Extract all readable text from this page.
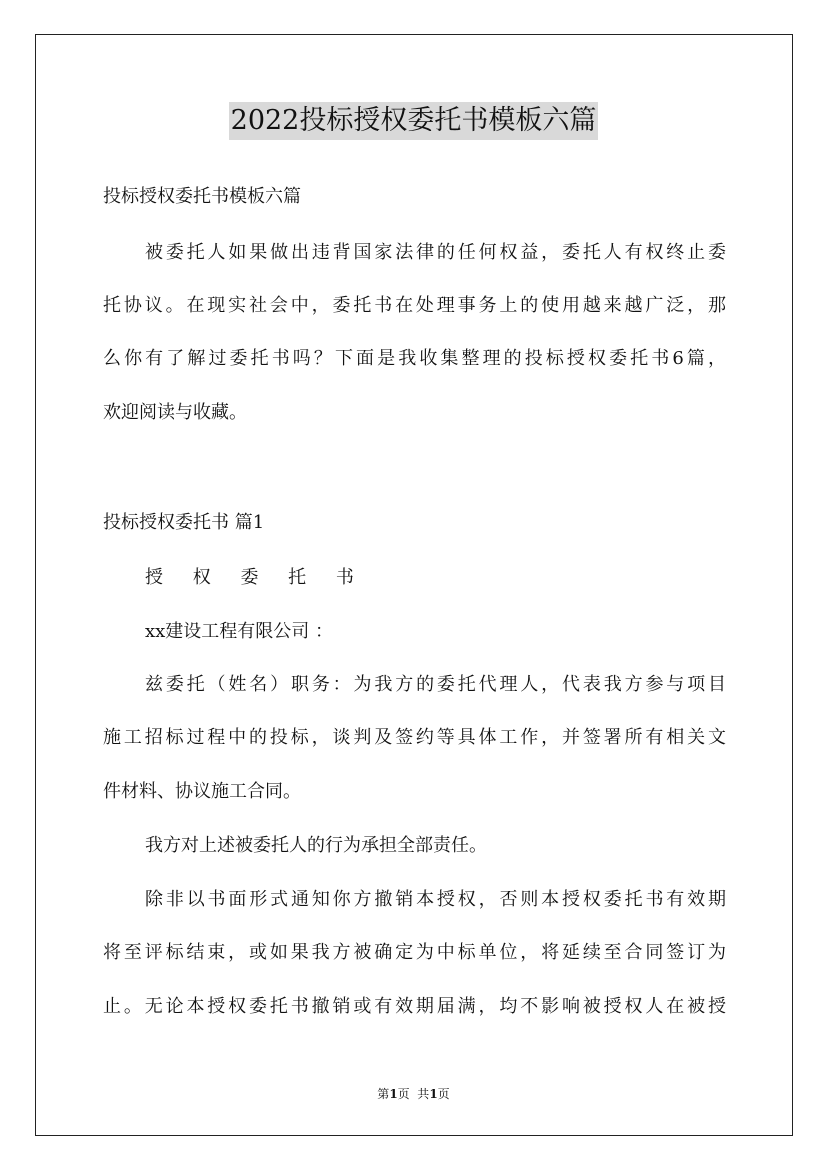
2022投标授权委托书模板六篇
投标授权委托书模板六篇
被委托人如果做出违背国家法律的任何权益，委托人有权终止委
托协议。在现实社会中，委托书在处理事务上的使用越来越广泛，那
么你有了解过委托书吗？下面是我收集整理的投标授权委托书6篇，
欢迎阅读与收藏。
投标授权委托书 篇1
授 权 委 托 书
xx建设工程有限公司 ：
兹委托（姓名）职务：为我方的委托代理人，代表我方参与项目
施工招标过程中的投标，谈判及签约等具体工作，并签署所有相关文
件材料、协议施工合同。
我方对上述被委托人的行为承担全部责任。
除非以书面形式通知你方撤销本授权，否则本授权委托书有效期
将至评标结束，或如果我方被确定为中标单位，将延续至合同签订为
止。无论本授权委托书撤销或有效期届满，均不影响被授权人在被授
第1页  共1页
